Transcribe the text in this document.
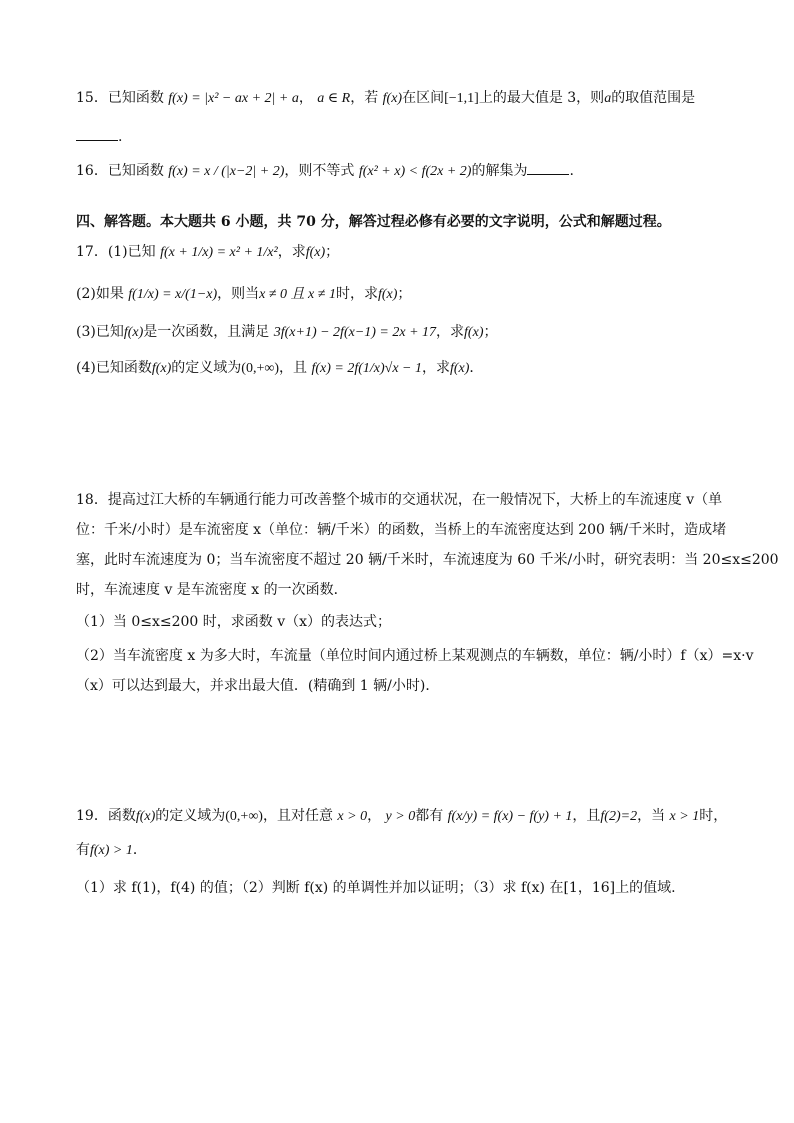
15．已知函数 f(x) = |x² − ax + 2| + a， a ∈ R，若 f(x)在区间[−1,1]上的最大值是 3，则a的取值范围是
.
16．已知函数 f(x) = x / (|x−2| + 2)，则不等式 f(x² + x) < f(2x + 2)的解集为	.
四、解答题。本大题共 6 小题，共 70 分，解答过程必修有必要的文字说明，公式和解题过程。
17．(1)已知 f(x + 1/x) = x² + 1/x²，求f(x)；
(2)如果 f(1/x) = x/(1−x)，则当x ≠ 0 且 x ≠ 1时，求f(x)；
(3)已知f(x)是一次函数，且满足 3f(x+1) − 2f(x−1) = 2x + 17，求f(x)；
(4)已知函数f(x)的定义域为(0,+∞)，且 f(x) = 2f(1/x)√x − 1，求f(x)．
18．提高过江大桥的车辆通行能力可改善整个城市的交通状况，在一般情况下，大桥上的车流速度 v（单
位：千米/小时）是车流密度 x（单位：辆/千米）的函数，当桥上的车流密度达到 200 辆/千米时，造成堵
塞，此时车流速度为 0；当车流密度不超过 20 辆/千米时，车流速度为 60 千米/小时，研究表明：当 20≤x≤200
时，车流速度 v 是车流密度 x 的一次函数．
（1）当 0≤x≤200 时，求函数 v（x）的表达式；
（2）当车流密度 x 为多大时，车流量（单位时间内通过桥上某观测点的车辆数，单位：辆/小时）f（x）=x·v
（x）可以达到最大，并求出最大值．(精确到 1 辆/小时)．
19．函数f(x)的定义域为(0,+∞)，且对任意 x > 0， y > 0都有 f(x/y) = f(x) − f(y) + 1，且f(2)=2，当 x > 1时，
有f(x) > 1．
（1）求 f(1)，f(4) 的值；（2）判断 f(x) 的单调性并加以证明；（3）求 f(x) 在[1，16]上的值域.
